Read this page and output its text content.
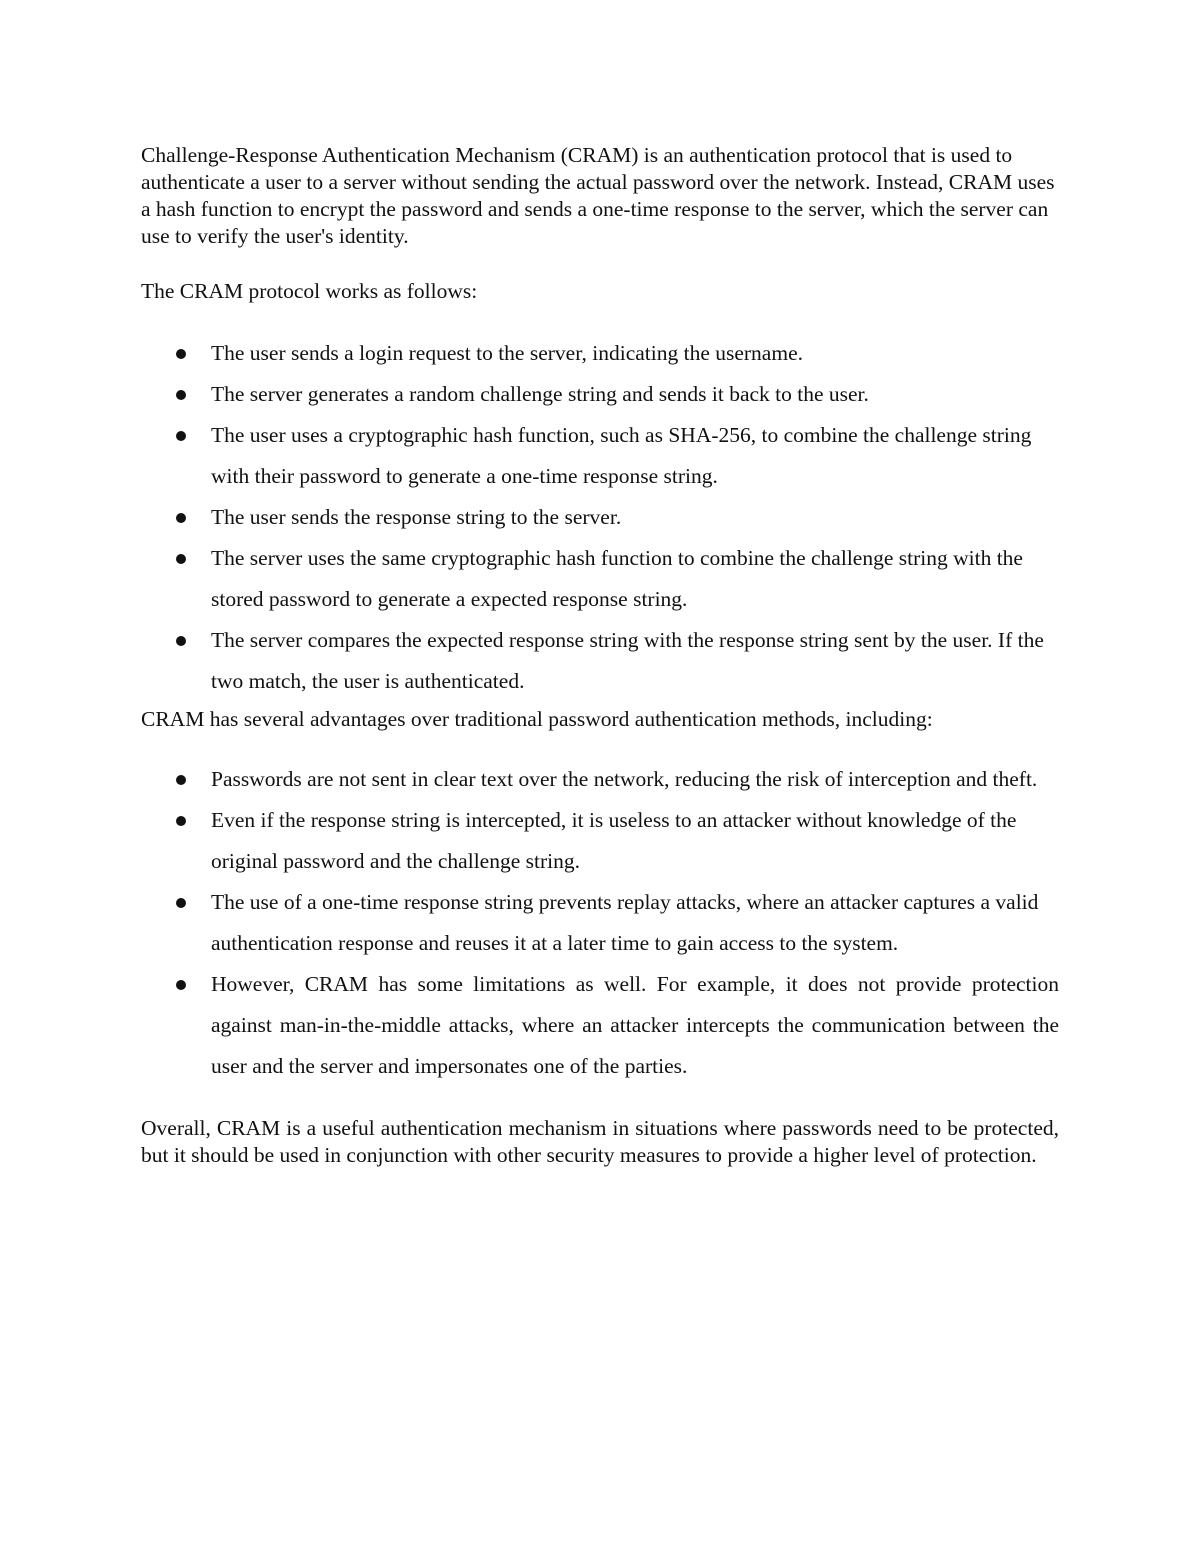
Challenge-Response Authentication Mechanism (CRAM) is an authentication protocol that is used to authenticate a user to a server without sending the actual password over the network. Instead, CRAM uses a hash function to encrypt the password and sends a one-time response to the server, which the server can use to verify the user's identity.

The CRAM protocol works as follows:

The user sends a login request to the server, indicating the username.
The server generates a random challenge string and sends it back to the user.
The user uses a cryptographic hash function, such as SHA-256, to combine the challenge string with their password to generate a one-time response string.
The user sends the response string to the server.
The server uses the same cryptographic hash function to combine the challenge string with the stored password to generate a expected response string.
The server compares the expected response string with the response string sent by the user. If the two match, the user is authenticated.

CRAM has several advantages over traditional password authentication methods, including:

Passwords are not sent in clear text over the network, reducing the risk of interception and theft.
Even if the response string is intercepted, it is useless to an attacker without knowledge of the original password and the challenge string.
The use of a one-time response string prevents replay attacks, where an attacker captures a valid authentication response and reuses it at a later time to gain access to the system.
However, CRAM has some limitations as well. For example, it does not provide protection against man-in-the-middle attacks, where an attacker intercepts the communication between the user and the server and impersonates one of the parties.

Overall, CRAM is a useful authentication mechanism in situations where passwords need to be protected, but it should be used in conjunction with other security measures to provide a higher level of protection.
